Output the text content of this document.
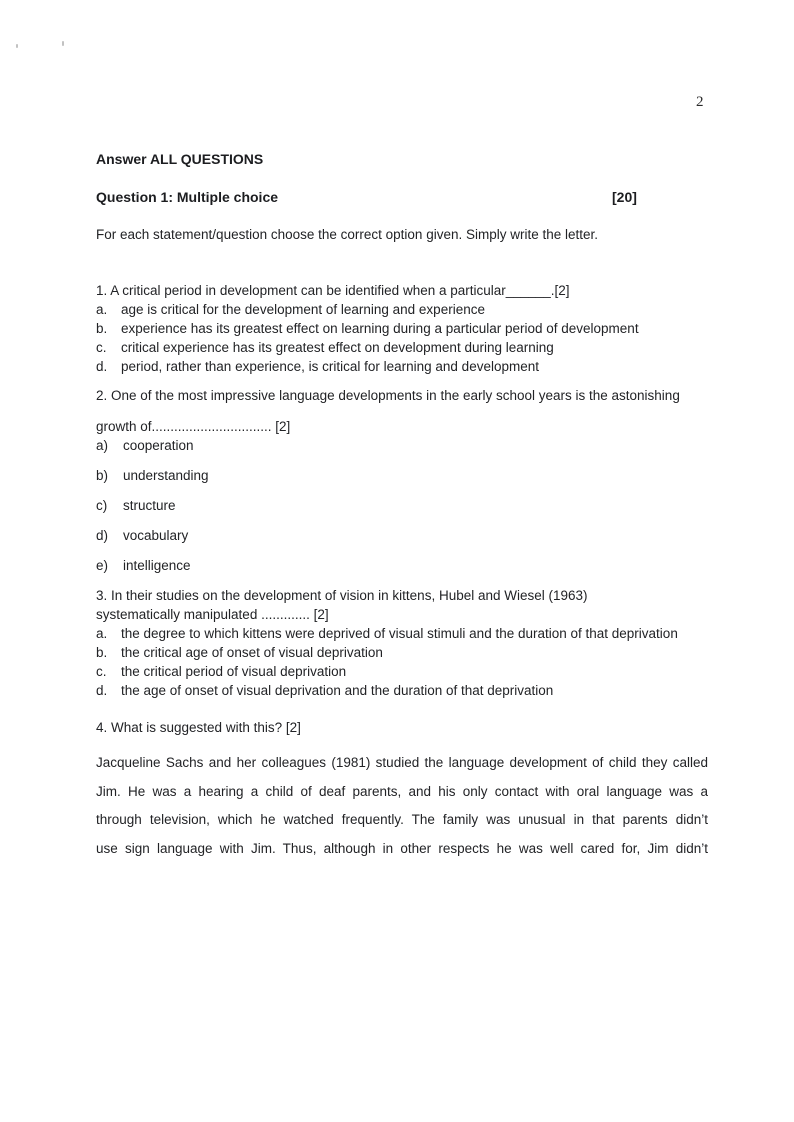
2
Answer ALL QUESTIONS
Question 1: Multiple choice	[20]
For each statement/question choose the correct option given. Simply write the letter.
1. A critical period in development can be identified when a particular______.[2]
a.	age is critical for the development of learning and experience
b.	experience has its greatest effect on learning during a particular period of development
c.	critical experience has its greatest effect on development during learning
d.	period, rather than experience, is critical for learning and development
2. One of the most impressive language developments in the early school years is the astonishing
growth of................................ [2]
a)	cooperation
b)	understanding
c)	structure
d)	vocabulary
e)	intelligence
3. In their studies on the development of vision in kittens, Hubel and Wiesel (1963)
systematically manipulated ............. [2]
a.	the degree to which kittens were deprived of visual stimuli and the duration of that deprivation
b.	the critical age of onset of visual deprivation
c.	the critical period of visual deprivation
d.	the age of onset of visual deprivation and the duration of that deprivation
4. What is suggested with this? [2]
Jacqueline Sachs and her colleagues (1981) studied the language development of child they called
Jim. He was a hearing a child of deaf parents, and his only contact with oral language was a
through television, which he watched frequently. The family was unusual in that parents didn’t
use sign language with Jim. Thus, although in other respects he was well cared for, Jim didn’t
